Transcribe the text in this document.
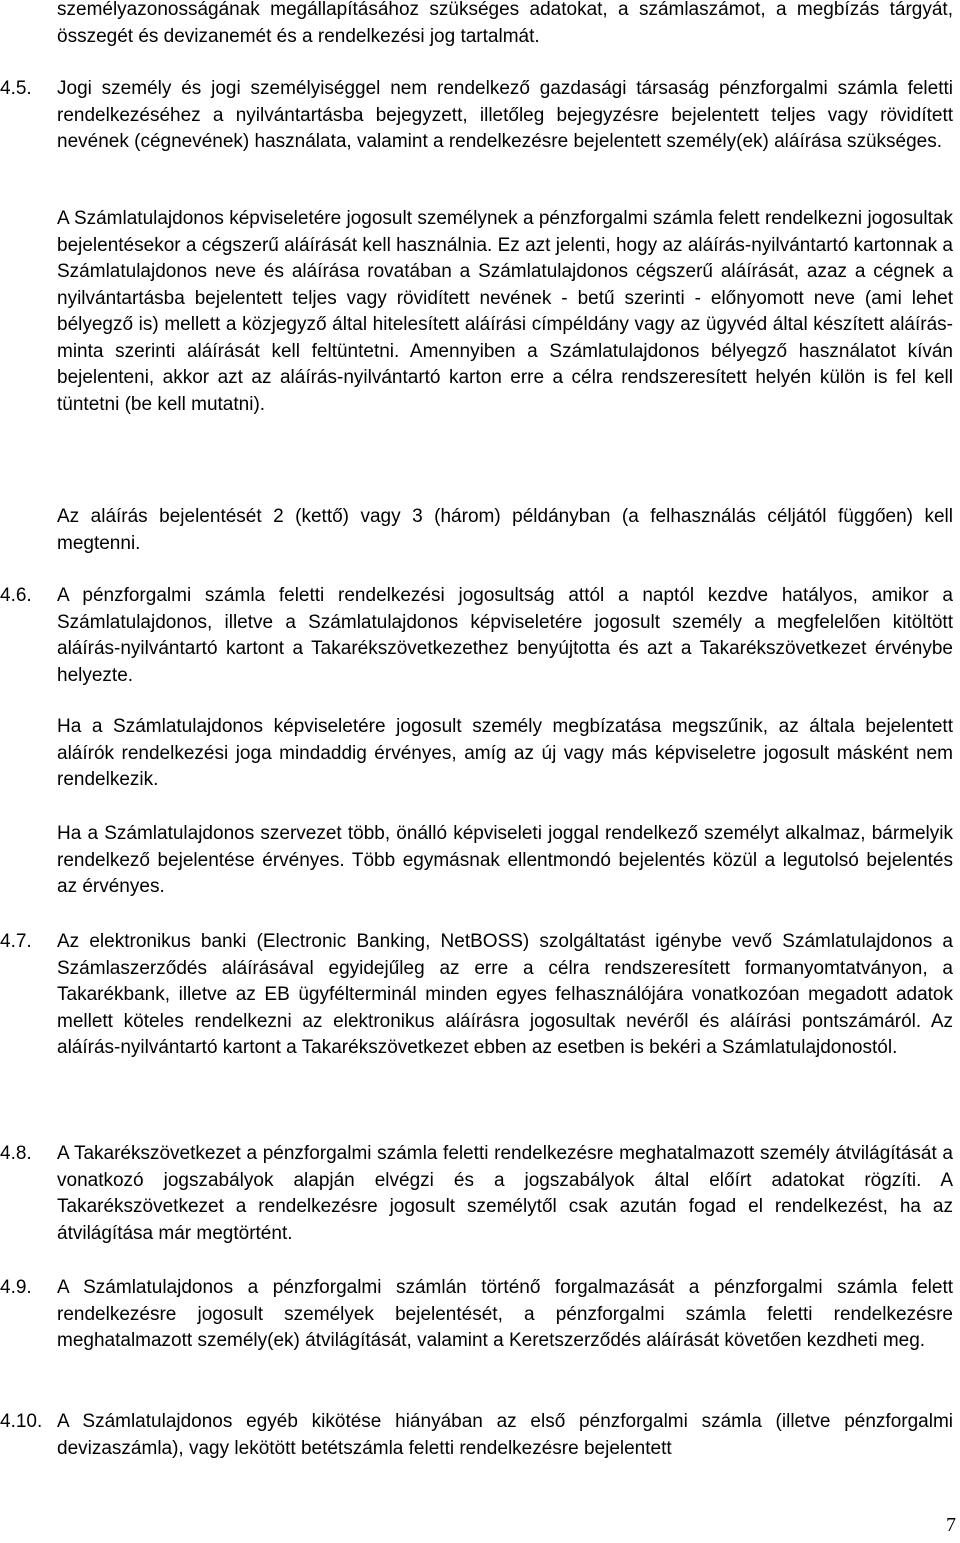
személyazonosságának megállapításához szükséges adatokat, a számlaszámot, a megbízás tárgyát, összegét és devizanemét és a rendelkezési jog tartalmát.

4.5. Jogi személy és jogi személyiséggel nem rendelkező gazdasági társaság pénzforgalmi számla feletti rendelkezéséhez a nyilvántartásba bejegyzett, illetőleg bejegyzésre bejelentett teljes vagy rövidített nevének (cégnevének) használata, valamint a rendelkezésre bejelentett személy(ek) aláírása szükséges.

A Számlatulajdonos képviseletére jogosult személynek a pénzforgalmi számla felett rendelkezni jogosultak bejelentésekor a cégszerű aláírását kell használnia. Ez azt jelenti, hogy az aláírás-nyilvántartó kartonnak a Számlatulajdonos neve és aláírása rovatában a Számlatulajdonos cégszerű aláírását, azaz a cégnek a nyilvántartásba bejelentett teljes vagy rövidített nevének - betű szerinti - előnyomott neve (ami lehet bélyegző is) mellett a közjegyző által hitelesített aláírási címpéldány vagy az ügyvéd által készített aláírás-minta szerinti aláírását kell feltüntetni. Amennyiben a Számlatulajdonos bélyegző használatot kíván bejelenteni, akkor azt az aláírás-nyilvántartó karton erre a célra rendszeresített helyén külön is fel kell tüntetni (be kell mutatni).

Az aláírás bejelentését 2 (kettő) vagy 3 (három) példányban (a felhasználás céljától függően) kell megtenni.

4.6. A pénzforgalmi számla feletti rendelkezési jogosultság attól a naptól kezdve hatályos, amikor a Számlatulajdonos, illetve a Számlatulajdonos képviseletére jogosult személy a megfelelően kitöltött aláírás-nyilvántartó kartont a Takarékszövetkezethez benyújtotta és azt a Takarékszövetkezet érvénybe helyezte.

Ha a Számlatulajdonos képviseletére jogosult személy megbízatása megszűnik, az általa bejelentett aláírók rendelkezési joga mindaddig érvényes, amíg az új vagy más képviseletre jogosult másként nem rendelkezik.

Ha a Számlatulajdonos szervezet több, önálló képviseleti joggal rendelkező személyt alkalmaz, bármelyik rendelkező bejelentése érvényes. Több egymásnak ellentmondó bejelentés közül a legutolsó bejelentés az érvényes.

4.7. Az elektronikus banki (Electronic Banking, NetBOSS) szolgáltatást igénybe vevő Számlatulajdonos a Számlaszerződés aláírásával egyidejűleg az erre a célra rendszeresített formanyomtatványon, a Takarékbank, illetve az EB ügyfélterminál minden egyes felhasználójára vonatkozóan megadott adatok mellett köteles rendelkezni az elektronikus aláírásra jogosultak nevéről és aláírási pontszámáról. Az aláírás-nyilvántartó kartont a Takarékszövetkezet ebben az esetben is bekéri a Számlatulajdonostól.

4.8. A Takarékszövetkezet a pénzforgalmi számla feletti rendelkezésre meghatalmazott személy átvilágítását a vonatkozó jogszabályok alapján elvégzi és a jogszabályok által előírt adatokat rögzíti. A Takarékszövetkezet a rendelkezésre jogosult személytől csak azután fogad el rendelkezést, ha az átvilágítása már megtörtént.

4.9. A Számlatulajdonos a pénzforgalmi számlán történő forgalmazását a pénzforgalmi számla felett rendelkezésre jogosult személyek bejelentését, a pénzforgalmi számla feletti rendelkezésre meghatalmazott személy(ek) átvilágítását, valamint a Keretszerződés aláírását követően kezdheti meg.

4.10. A Számlatulajdonos egyéb kikötése hiányában az első pénzforgalmi számla (illetve pénzforgalmi devizaszámla), vagy lekötött betétszámla feletti rendelkezésre bejelentett

7
